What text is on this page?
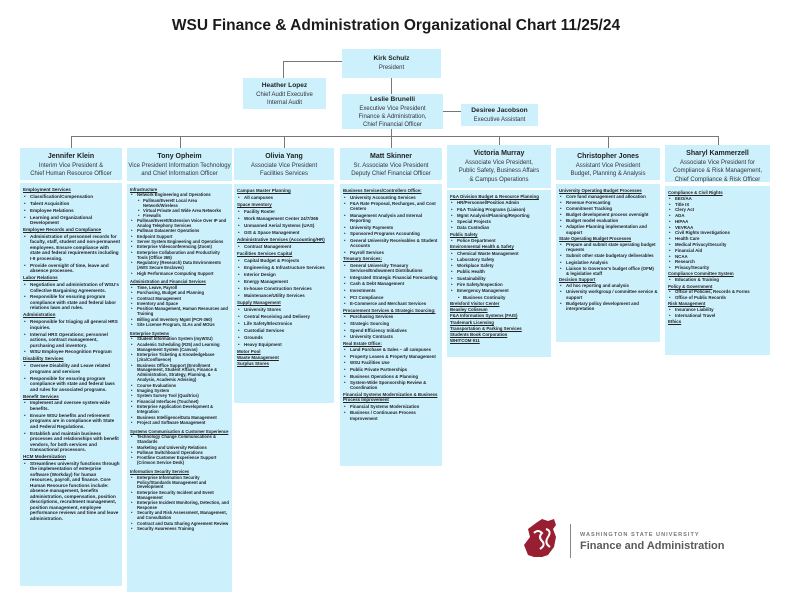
WSU Finance & Administration Organizational Chart 11/25/24
Kirk Schulz
President
Heather Lopez
Chief Audit Executive
Internal Audit	Leslie Brunelli
Executive Vice President
Finance & Administration,
Chief Financial Officer
Desiree Jacobson
Executive Assistant
Jennifer Klein
Interim Vice President &
Chief Human Resource Officer
Employment Services
• Classification/Compensation
• Talent Acquisition
• Employee Relations
• Learning and Organizational Development
Employee Records and Compliance
• Administration of personnel records for faculty, staff, student and non-permanent employees. Ensure compliance with state and federal requirements including I-9 processing.
• Provide oversight of time, leave and absence processes.
Labor Relations
• Negotiation and administration of WSU's Collective Bargaining Agreements.
• Responsible for ensuring program compliance with state and federal labor relations laws and rules.
Administration
• Responsible for triaging all general HRS inquiries.
• Internal HRS Operations; personnel actions, contract management, purchasing and inventory.
• WSU Employee Recognition Program
Disability Services
• Oversee Disability and Leave related programs and services
• Responsible for ensuring program compliance with state and federal laws and rules for associated programs.
Benefit Services
• Implement and oversee system-wide benefits.
• Ensure WSU benefits and retirement programs are in compliance with State and Federal Regulations.
• Establish and maintain business processes and relationships with benefit vendors, for both services and transactional processors.
HCM Modernization
• Streamlines university functions through the implementation of enterprise software (Workday) for human resources, payroll, and finance. Core Human Resource functions include: absence management, benefits administration, compensation, position descriptions, recruitment management, position management, employee performance reviews and time and leave administration.
Tony Opheim
Vice President Information Technology
and Chief Information Officer
Infrastructure
• Network Engineering and Operations
• Pullman/Everett Local Area Network/Wireless
• Virtual Private and Wide Area Networks
• Firewalls
• Pullman/Everett/Extension Voice Over IP and Analog Telephony Services
• Pullman Datacenter Operations
• Endpoint Support
• Server System Engineering and Operations
• Enterprise Videoconferencing (Zoom)
• Enterprise Collaboration and Productivity Tools (Office 365)
• Regulatory (Research) Data Environments (AWS Secure Enclaves)
• High Performance Computing Support
Administration and Financial Services
• Time, Leave, Payroll
• Purchasing, Budget and Planning
• Contract Management
• Inventory and Space
• Position Management, Human Resources and Training
• Billing and Inventory Mgmt (PCR-360)
• Site License Program, SLAs and MOUs
Enterprise Systems
• Student Information System (myWSU)
• Academic Scheduling (R25) and Learning Management System (Canvas)
• Enterprise Ticketing & Knowledgebase (Jira/Confluence)
• Business Office Support (Enrollment Management, Student Affairs, Finance & Administration, Strategy, Planning, & Analysis, Academic Advising)
• Course Evaluations
• Imaging System
• System Survey Tool (Qualtrics)
• Financial Interfaces (Touchnet)
• Enterprise Application Development & Integration
• Business Intelligence/Data Management
• Project and Software Management
Systems Communication & Customer Experience
• Technology Change Communications & Standards
• Marketing and University Relations
• Pullman Switchboard Operations
• Frontline Customer Experience Support (Crimson Service Desk)
Information Security Services
• Enterprise Information Security Policy/Standards Management and Development
• Enterprise Security Incident and Event Management
• Enterprise Incident Monitoring, Detection, and Response
• Security and Risk Assessment, Management, and Consultation
• Contract and Data Sharing Agreement Review
• Security Awareness Training
Olivia Yang
Associate Vice President
Facilities Services
Campus Master Planning
• All campuses
Space Inventory
• Facility Roster
• Work Management Center 24/7/365
• Unmanned Aerial Systems (UAS)
• GIS & Space Management
Administrative Services (Accounting/HR)
• Contract Management
Facilities Services Capital
• Capital Budget & Projects
• Engineering & Infrastructure Services
• Interior Design
• Energy Management
• In-house Construction Services
• Maintenance/Utility Services
Supply Management
• University Stores
• Central Receiving and Delivery
• Life Safety/Electronics
• Custodial Services
• Grounds
• Heavy Equipment
Motor Pool
Waste Management
Surplus Stores
Matt Skinner
Sr. Associate Vice President
Deputy Chief Financial Officer
Business Services/Controllers Office:
• University Accounting Services
• F&A Rate Proposal, Recharges, and Cost Centers
• Management Analysis and Internal Reporting
• University Payments
• Sponsored Programs Accounting
• General University Receivables & Student Accounts
• Payroll Services
Treasury Services:
• General University Treasury Services/Endowment Distributions
• Integrated Strategic Financial Forecasting
• Cash & Debt Management
• Investments
• PCI Compliance
• E-Commerce and Merchant Services
Procurement Services & Strategic Sourcing:
• Purchasing Services
• Strategic Sourcing
• Spend Efficiency Initiatives
• University Contracts
Real Estate Office:
• Land Purchase & Sales – all campuses
• Property Leases & Property Management
• WSU Facilities Use
• Public Private Partnerships
• Business Operations & Planning
• System-Wide Sponsorship Review & Coordination
Financial Systems Modernization & Business Process Improvement
• Financial Systems Modernization
• Business / Continuous Process Improvement
Victoria Murray
Associate Vice President,
Public Safety, Business Affairs
& Campus Operations
F&A Division Budget & Resource Planning
• HR/Personnel/Position Admin
• F&A Training Programs (Liaison)
• Mgmt Analysis/Planning/Reporting
• Special Projects
• Data Custodian
Public Safety
• Police Department
Environmental Health & Safety
• Chemical Waste Management
• Laboratory Safety
• Workplace Safety
• Public Health
• Sustainability
• Fire Safety/Inspection
• Emergency Management
• Business Continuity
Brelsford Visitor Center
Beasley Coliseum
F&A Information Systems (FAIS)
Trademark Licensing
Transportation & Parking Services
Students Book Corporation
WHITCOM 911
Christopher Jones
Assistant Vice President
Budget, Planning & Analysis
University Operating Budget Processes
• Core fund management and allocation
• Revenue Forecasting
• Commitment Tracking
• Budget development process oversight
• Budget model evaluation
• Adaptive Planning implementation and support
State Operating Budget Processes
• Prepare and submit state operating budget requests
• Submit other state budgetary deliverables
• Legislative Analysis
• Liaison to Governor's budget office (OFM) & legislative staff
Decision Support
• Ad hoc reporting and analysis
• University workgroup / committee service & support
• Budgetary policy development and interpretation
Sharyl Kammerzell
Associate Vice President for
Compliance & Risk Management,
Chief Compliance & Risk Officer
Compliance & Civil Rights
• EEO/AA
• Title IX
• Clery Act
• ADA
• HIPAA
• VEVRAA
• Civil Rights Investigations
• Health Care
• Medical Privacy/Security
• Financial Aid
• NCAA
• Research
• Privacy/Security
Compliance Committee System
• Education & Training
Policy & Government
• Office of Policies, Records & Forms
• Office of Public Records
Risk Management
• Insurance Liability
• International Travel
Ethics
WASHINGTON STATE UNIVERSITY
Finance and Administration
